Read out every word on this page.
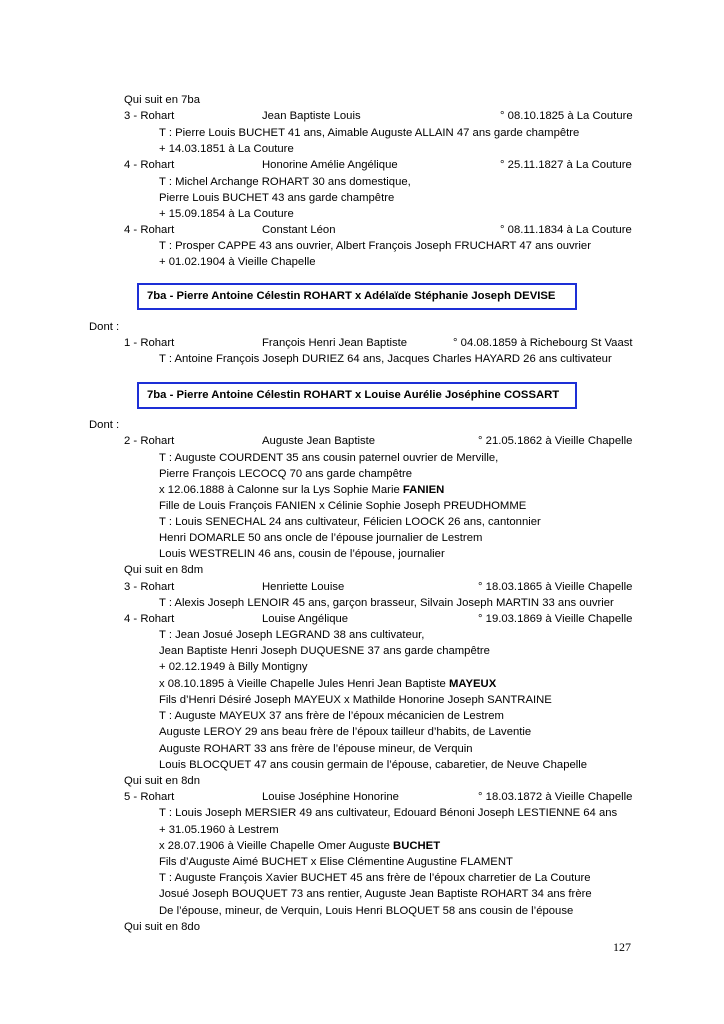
Qui suit en 7ba
3 - Rohart	Jean Baptiste Louis	° 08.10.1825 à La Couture
T : Pierre Louis BUCHET 41 ans, Aimable Auguste ALLAIN 47 ans garde champêtre
+ 14.03.1851 à La Couture
4 - Rohart	Honorine Amélie Angélique	° 25.11.1827 à La Couture
T : Michel Archange ROHART 30 ans domestique,
Pierre Louis BUCHET 43 ans garde champêtre
+ 15.09.1854 à La Couture
4 - Rohart	Constant Léon	° 08.11.1834 à La Couture
T : Prosper CAPPE 43 ans ouvrier, Albert François Joseph FRUCHART 47 ans ouvrier
+ 01.02.1904 à Vieille Chapelle
7ba - Pierre Antoine Célestin ROHART x Adélaïde Stéphanie Joseph DEVISE
Dont :
1 - Rohart	François Henri Jean Baptiste	° 04.08.1859 à Richebourg St Vaast
T : Antoine François Joseph DURIEZ 64 ans, Jacques Charles HAYARD 26 ans cultivateur
7ba - Pierre Antoine Célestin ROHART x Louise Aurélie Joséphine COSSART
Dont :
2 - Rohart	Auguste Jean Baptiste	° 21.05.1862 à Vieille Chapelle
T : Auguste COURDENT 35 ans cousin paternel ouvrier de Merville,
Pierre François LECOCQ 70 ans garde champêtre
x 12.06.1888 à Calonne sur la Lys Sophie Marie FANIEN
Fille de Louis François FANIEN x Célinie Sophie Joseph PREUDHOMME
T : Louis SENECHAL 24 ans cultivateur, Félicien LOOCK 26 ans, cantonnier
Henri DOMARLE 50 ans oncle de l’épouse journalier de Lestrem
Louis WESTRELIN 46 ans, cousin de l’épouse, journalier
Qui suit en 8dm
3 - Rohart	Henriette Louise	° 18.03.1865 à Vieille Chapelle
T : Alexis Joseph LENOIR 45 ans, garçon brasseur, Silvain Joseph MARTIN 33 ans ouvrier
4 - Rohart	Louise Angélique	° 19.03.1869 à Vieille Chapelle
T : Jean Josué Joseph LEGRAND 38 ans cultivateur,
Jean Baptiste Henri Joseph DUQUESNE 37 ans garde champêtre
+ 02.12.1949 à Billy Montigny
x 08.10.1895 à Vieille Chapelle Jules Henri Jean Baptiste MAYEUX
Fils d’Henri Désiré Joseph MAYEUX x Mathilde Honorine Joseph SANTRAINE
T : Auguste MAYEUX 37 ans frère de l’époux mécanicien de Lestrem
Auguste LEROY 29 ans beau frère de l’époux tailleur d’habits, de Laventie
Auguste ROHART 33 ans frère de l’épouse mineur, de Verquin
Louis BLOCQUET 47 ans cousin germain de l’épouse, cabaretier, de Neuve Chapelle
Qui suit en 8dn
5 - Rohart	Louise Joséphine Honorine	° 18.03.1872 à Vieille Chapelle
T : Louis Joseph MERSIER 49 ans cultivateur, Edouard Bénoni Joseph LESTIENNE 64 ans
+ 31.05.1960 à Lestrem
x 28.07.1906 à Vieille Chapelle Omer Auguste BUCHET
Fils d’Auguste Aimé BUCHET x Elise Clémentine Augustine FLAMENT
T : Auguste François Xavier BUCHET 45 ans frère de l’époux charretier de La Couture
Josué Joseph BOUQUET 73 ans rentier, Auguste Jean Baptiste ROHART 34 ans frère
De l’épouse, mineur, de Verquin, Louis Henri BLOQUET 58 ans cousin de l’épouse
Qui suit en 8do
127
